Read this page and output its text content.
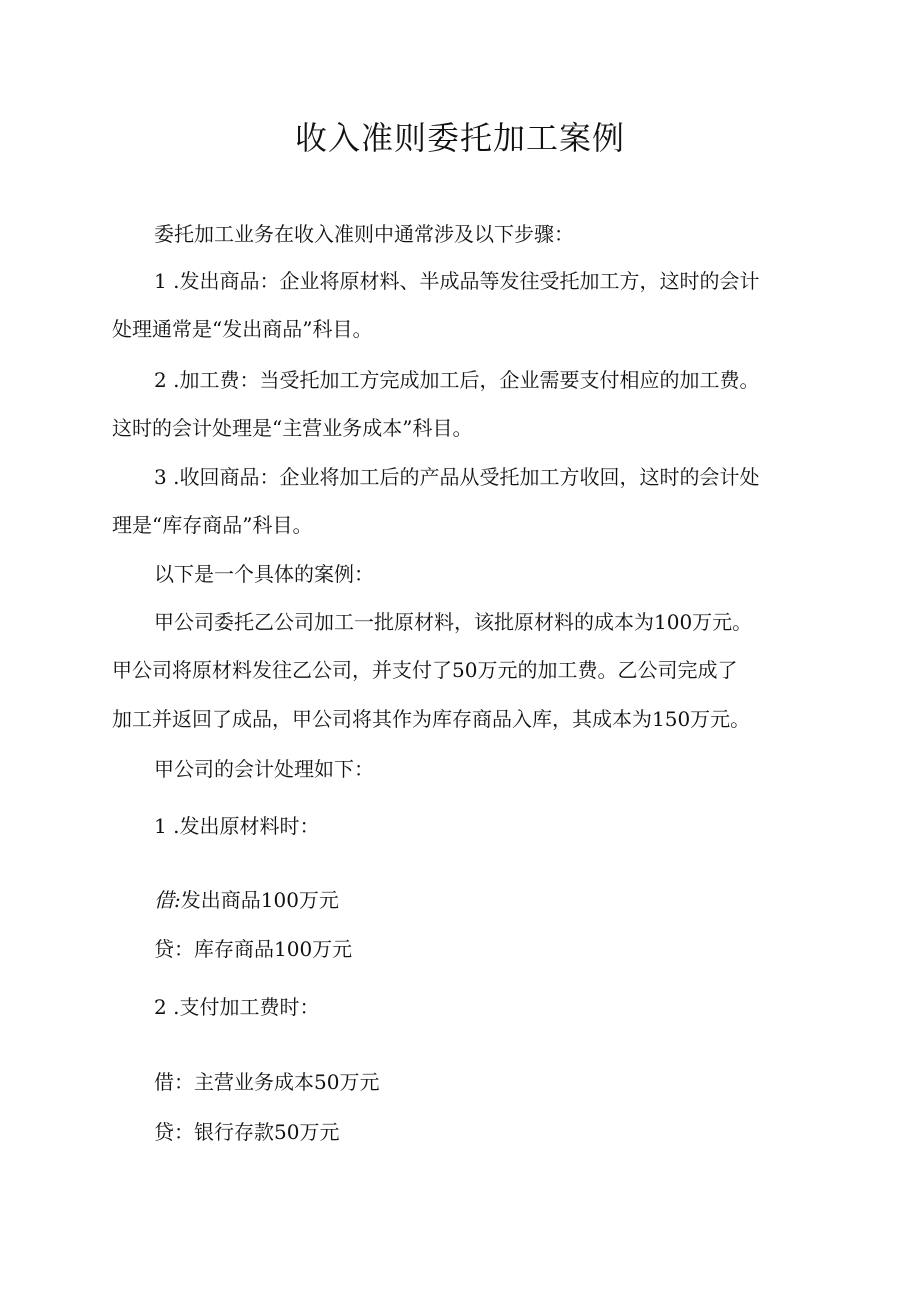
收入准则委托加工案例
委托加工业务在收入准则中通常涉及以下步骤：
1 .发出商品：企业将原材料、半成品等发往受托加工方，这时的会计
处理通常是“发出商品”科目。
2 .加工费：当受托加工方完成加工后，企业需要支付相应的加工费。
这时的会计处理是“主营业务成本”科目。
3 .收回商品：企业将加工后的产品从受托加工方收回，这时的会计处
理是“库存商品”科目。
以下是一个具体的案例：
甲公司委托乙公司加工一批原材料，该批原材料的成本为100万元。
甲公司将原材料发往乙公司，并支付了50万元的加工费。乙公司完成了
加工并返回了成品，甲公司将其作为库存商品入库，其成本为150万元。
甲公司的会计处理如下：
1 .发出原材料时：
借:发出商品100万元
贷：库存商品100万元
2 .支付加工费时：
借：主营业务成本50万元
贷：银行存款50万元
